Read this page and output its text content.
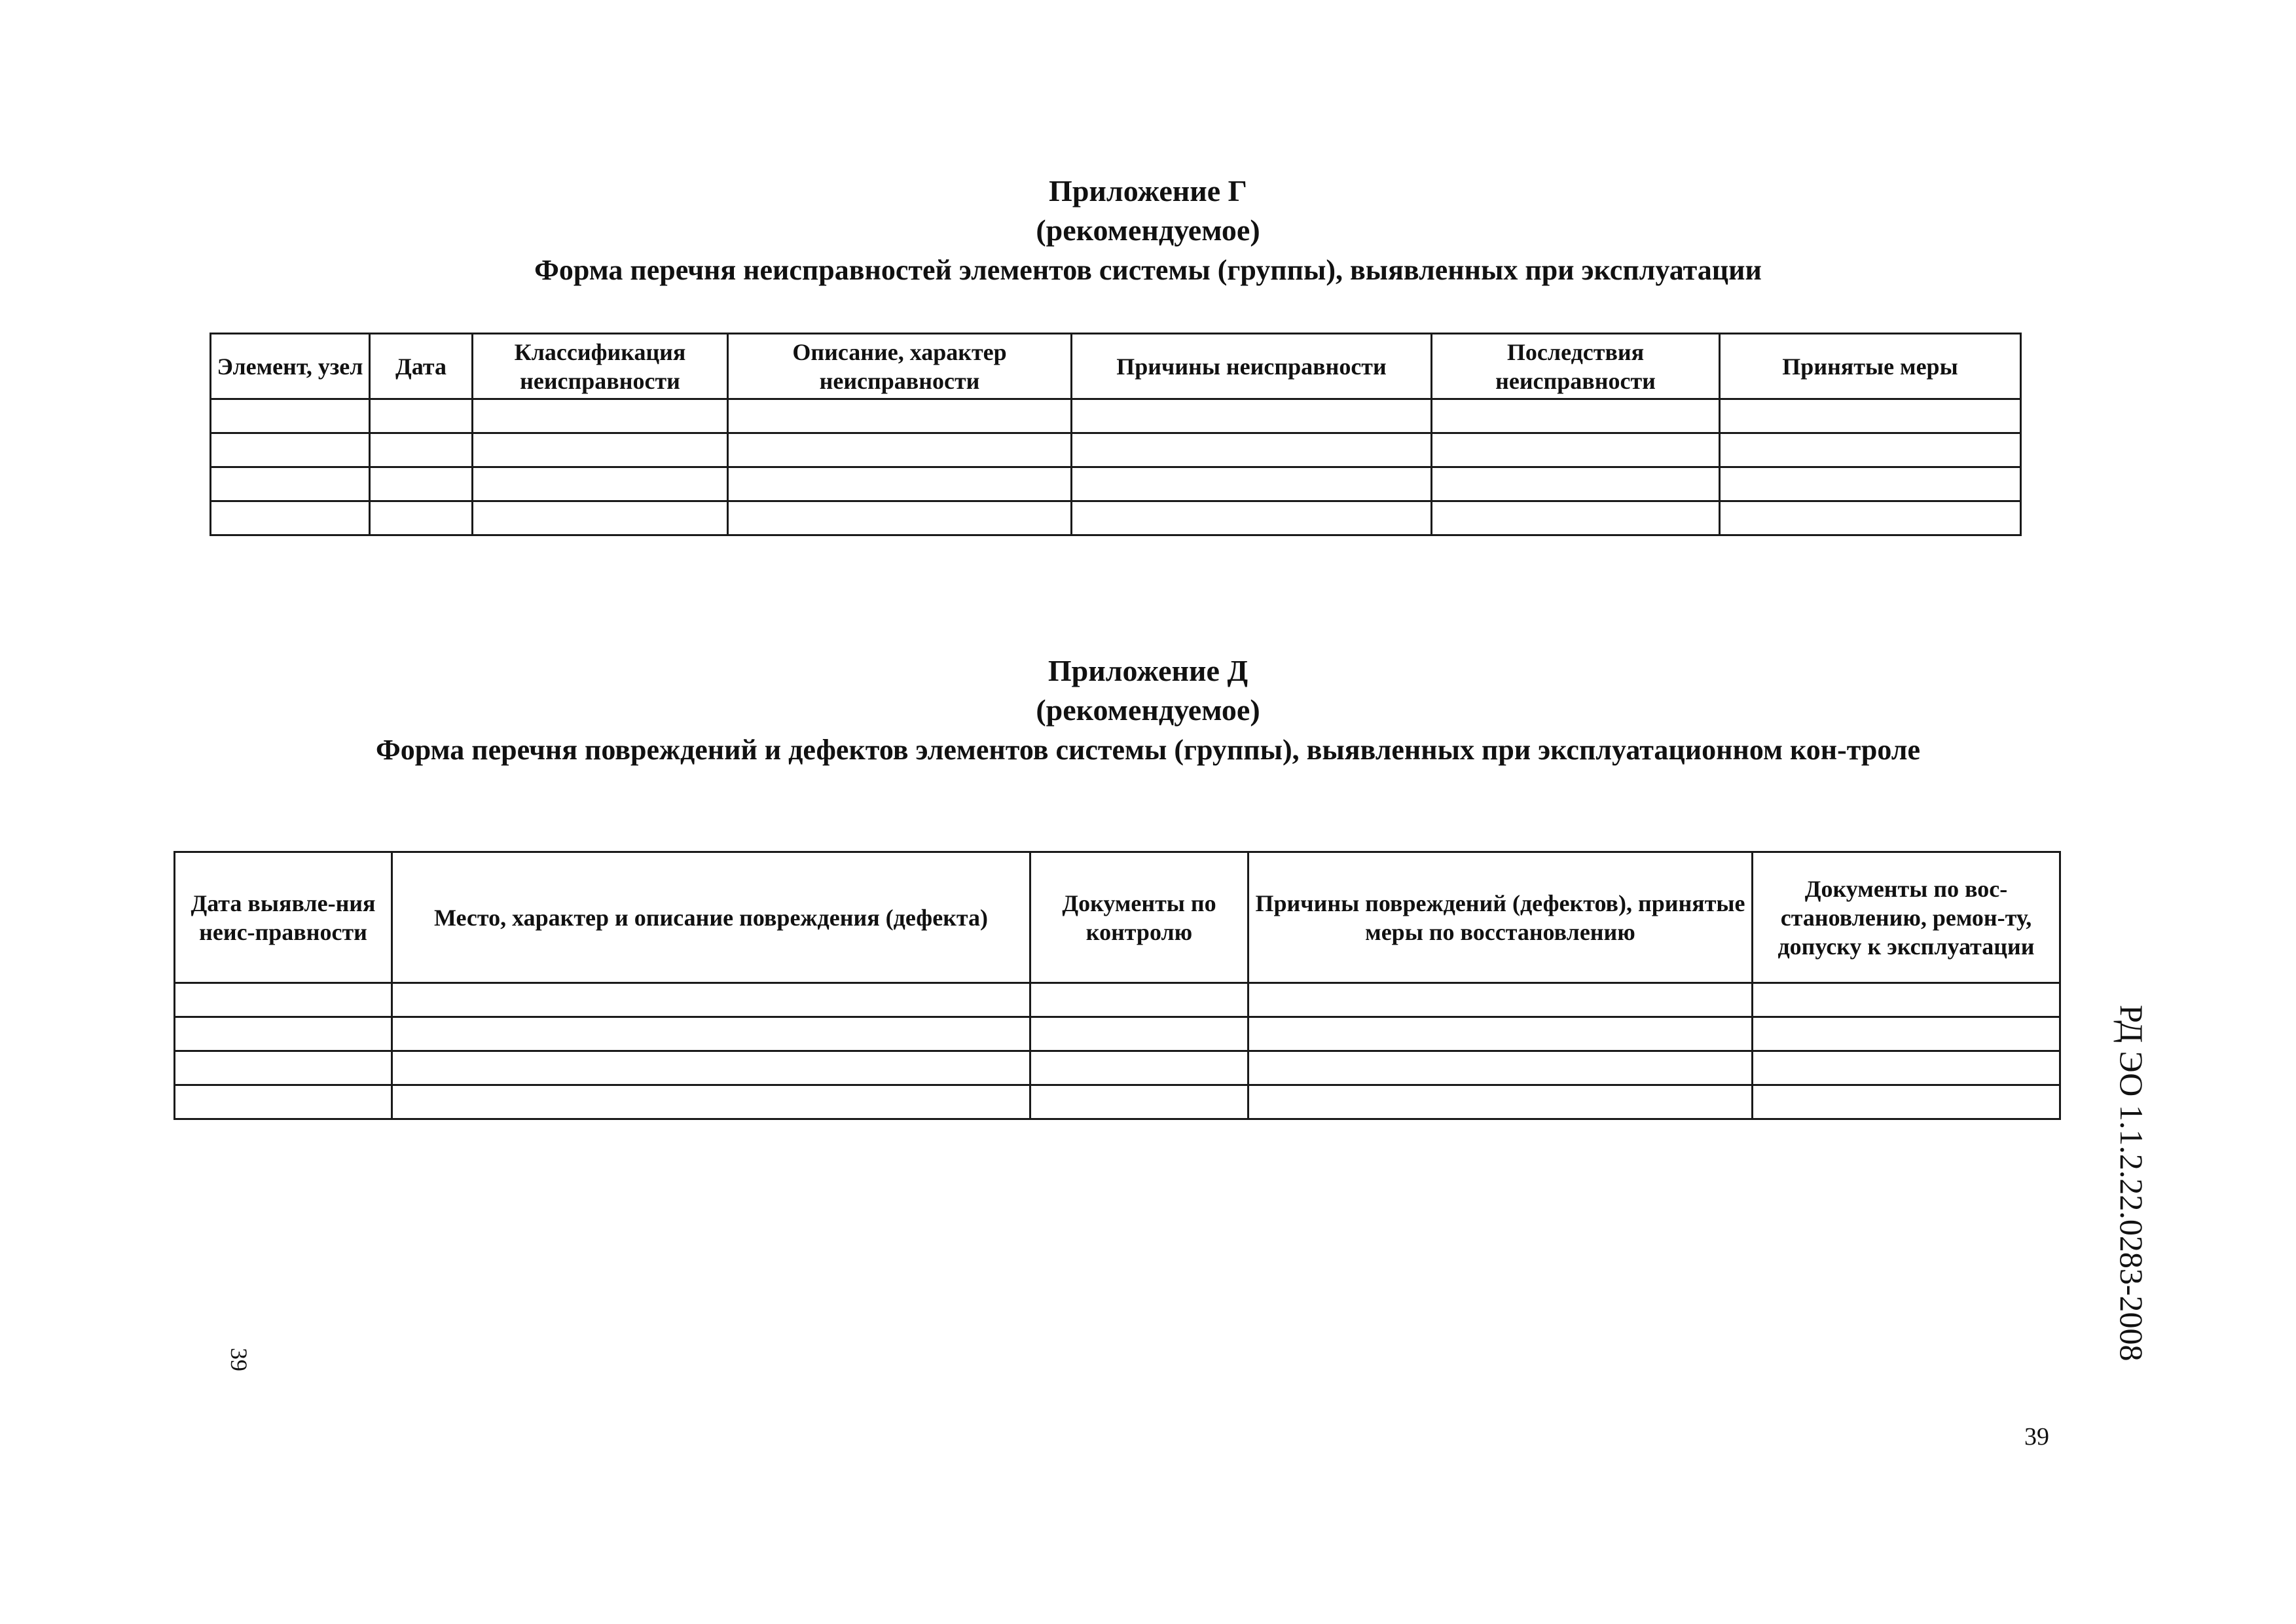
Приложение Г
(рекомендуемое)
Форма перечня неисправностей элементов системы (группы), выявленных при эксплуатации
Элемент, узел	Дата	Классификация неисправности	Описание, характер неисправности	Причины неисправности	Последствия неисправности	Принятые меры

Приложение Д
(рекомендуемое)
Форма перечня повреждений и дефектов элементов системы (группы), выявленных при эксплуатационном кон-троле
Дата выявле-ния неис-правности	Место, характер и описание повреждения (дефекта)	Документы по контролю	Причины повреждений (дефектов), принятые меры по восстановлению	Документы по вос-становлению, ремон-ту, допуску к эксплуатации

РД ЭО 1.1.2.22.0283-2008
39
39
